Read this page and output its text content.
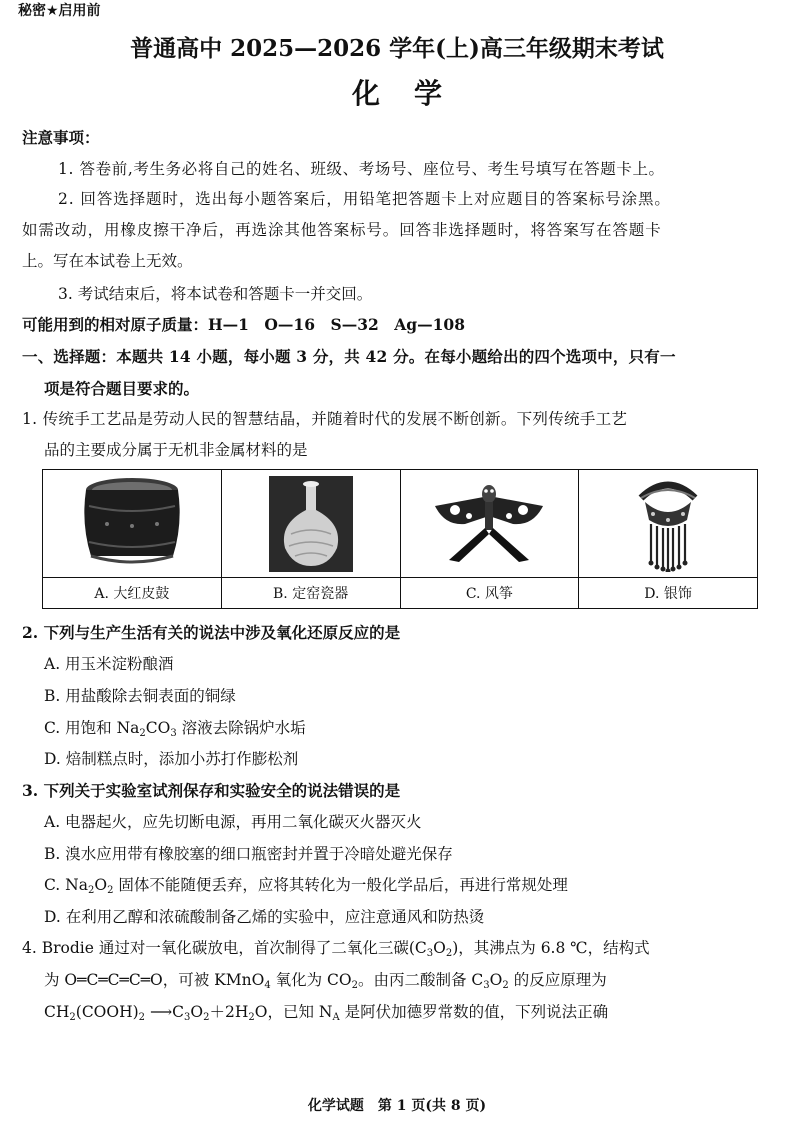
秘密★启用前
普通高中 2025—2026 学年(上)高三年级期末考试
化学
注意事项：
1. 答卷前,考生务必将自己的姓名、班级、考场号、座位号、考生号填写在答题卡上。
2. 回答选择题时，选出每小题答案后，用铅笔把答题卡上对应题目的答案标号涂黑。
如需改动，用橡皮擦干净后，再选涂其他答案标号。回答非选择题时，将答案写在答题卡
上。写在本试卷上无效。
3. 考试结束后，将本试卷和答题卡一并交回。
可能用到的相对原子质量：H—1　O—16　S—32　Ag—108
一、选择题：本题共 14 小题，每小题 3 分，共 42 分。在每小题给出的四个选项中，只有一
项是符合题目要求的。
1. 传统手工艺品是劳动人民的智慧结晶，并随着时代的发展不断创新。下列传统手工艺
品的主要成分属于无机非金属材料的是

A. 大红皮鼓	B. 定窑瓷器	C. 风筝	D. 银饰
2. 下列与生产生活有关的说法中涉及氧化还原反应的是
A. 用玉米淀粉酿酒
B. 用盐酸除去铜表面的铜绿
C. 用饱和 $Na_2CO_3$ 溶液去除锅炉水垢
D. 焙制糕点时，添加小苏打作膨松剂
3. 下列关于实验室试剂保存和实验安全的说法错误的是
A. 电器起火，应先切断电源，再用二氧化碳灭火器灭火
B. 溴水应用带有橡胶塞的细口瓶密封并置于冷暗处避光保存
C. $Na_2O_2$ 固体不能随便丢弃，应将其转化为一般化学品后，再进行常规处理
D. 在利用乙醇和浓硫酸制备乙烯的实验中，应注意通风和防热烫
4. Brodie 通过对一氧化碳放电，首次制得了二氧化三碳$(C_3O_2)$，其沸点为 6.8 ℃，结构式
为 O═C═C═C═O，可被 KMnO$_4$ 氧化为 $CO_2$。由丙二酸制备 $C_3O_2$ 的反应原理为
$CH_2(COOH)_2$ $⟶C_3O_2+2H_2O$，已知 $N_A$ 是阿伏加德罗常数的值，下列说法正确
化学试题　第 1 页(共 8 页)
